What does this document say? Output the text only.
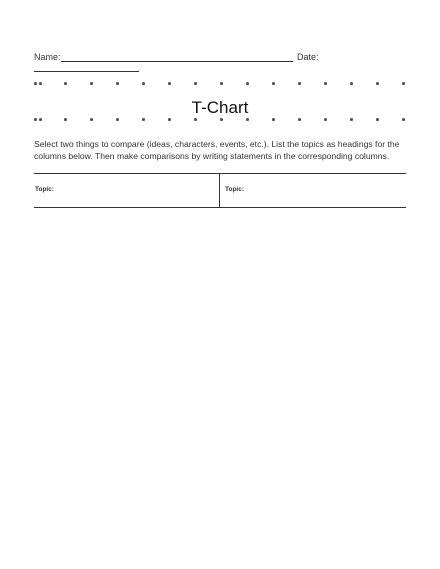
Name:	Date:
T-Chart
Select two things to compare (ideas, characters, events, etc.). List the topics as headings for the columns below. Then make comparisons by writing statements in the corresponding columns.
Topic:	Topic:
